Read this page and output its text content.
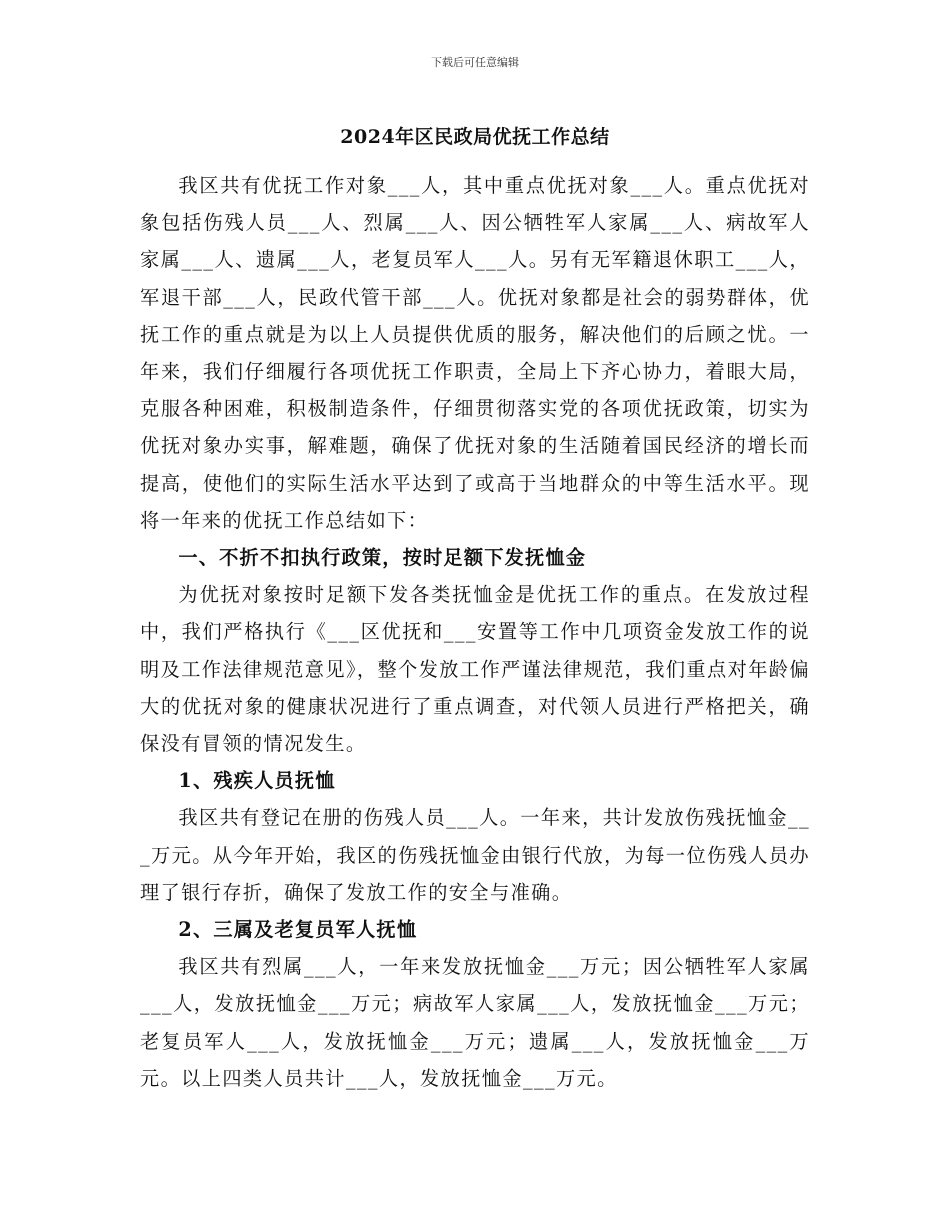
下载后可任意编辑
2024年区民政局优抚工作总结

我区共有优抚工作对象___人，其中重点优抚对象___人。重点优抚对象包括伤残人员___人、烈属___人、因公牺牲军人家属___人、病故军人家属___人、遗属___人，老复员军人___人。另有无军籍退休职工___人，军退干部___人，民政代管干部___人。优抚对象都是社会的弱势群体，优抚工作的重点就是为以上人员提供优质的服务，解决他们的后顾之忧。一年来，我们仔细履行各项优抚工作职责，全局上下齐心协力，着眼大局，克服各种困难，积极制造条件，仔细贯彻落实党的各项优抚政策，切实为优抚对象办实事，解难题，确保了优抚对象的生活随着国民经济的增长而提高，使他们的实际生活水平达到了或高于当地群众的中等生活水平。现将一年来的优抚工作总结如下：

一、不折不扣执行政策，按时足额下发抚恤金

为优抚对象按时足额下发各类抚恤金是优抚工作的重点。在发放过程中，我们严格执行《___区优抚和___安置等工作中几项资金发放工作的说明及工作法律规范意见》，整个发放工作严谨法律规范，我们重点对年龄偏大的优抚对象的健康状况进行了重点调查，对代领人员进行严格把关，确保没有冒领的情况发生。

1、残疾人员抚恤

我区共有登记在册的伤残人员___人。一年来，共计发放伤残抚恤金___万元。从今年开始，我区的伤残抚恤金由银行代放，为每一位伤残人员办理了银行存折，确保了发放工作的安全与准确。

2、三属及老复员军人抚恤

我区共有烈属___人，一年来发放抚恤金___万元；因公牺牲军人家属___人，发放抚恤金___万元；病故军人家属___人，发放抚恤金___万元；老复员军人___人，发放抚恤金___万元；遗属___人，发放抚恤金___万元。以上四类人员共计___人，发放抚恤金___万元。
